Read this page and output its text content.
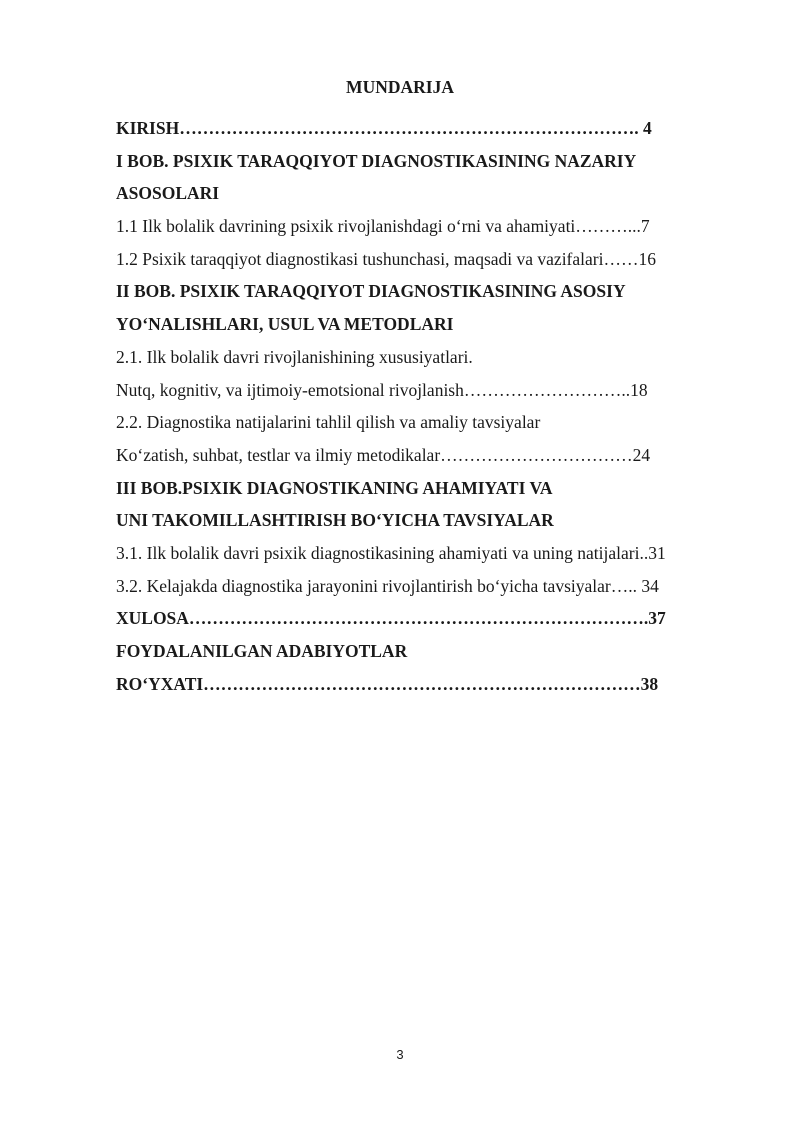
MUNDARIJA
KIRISH……………………………………………………………………. 4
I BOB. PSIXIK TARAQQIYOT DIAGNOSTIKASINING NAZARIY
ASOSOLARI
1.1 Ilk bolalik davrining psixik rivojlanishdagi o‘rni va ahamiyati………...7
1.2 Psixik taraqqiyot diagnostikasi tushunchasi, maqsadi va vazifalari……16
II BOB. PSIXIK TARAQQIYOT DIAGNOSTIKASINING ASOSIY
YO‘NALISHLARI, USUL VA METODLARI
2.1. Ilk bolalik davri rivojlanishining xususiyatlari.
Nutq, kognitiv, va ijtimoiy-emotsional rivojlanish………………………..18
2.2. Diagnostika natijalarini tahlil qilish va amaliy tavsiyalar
Ko‘zatish, suhbat, testlar va ilmiy metodikalar……………………………24
III BOB.PSIXIK DIAGNOSTIKANING AHAMIYATI VA
UNI TAKOMILLASHTIRISH BO‘YICHA TAVSIYALAR
3.1. Ilk bolalik davri psixik diagnostikasining ahamiyati va uning natijalari..31
3.2. Kelajakda diagnostika jarayonini rivojlantirish bo‘yicha tavsiyalar….. 34
XULOSA…………………………………………………………………….37
FOYDALANILGAN ADABIYOTLAR
RO‘YXATI…………………………………………………………………38
3
